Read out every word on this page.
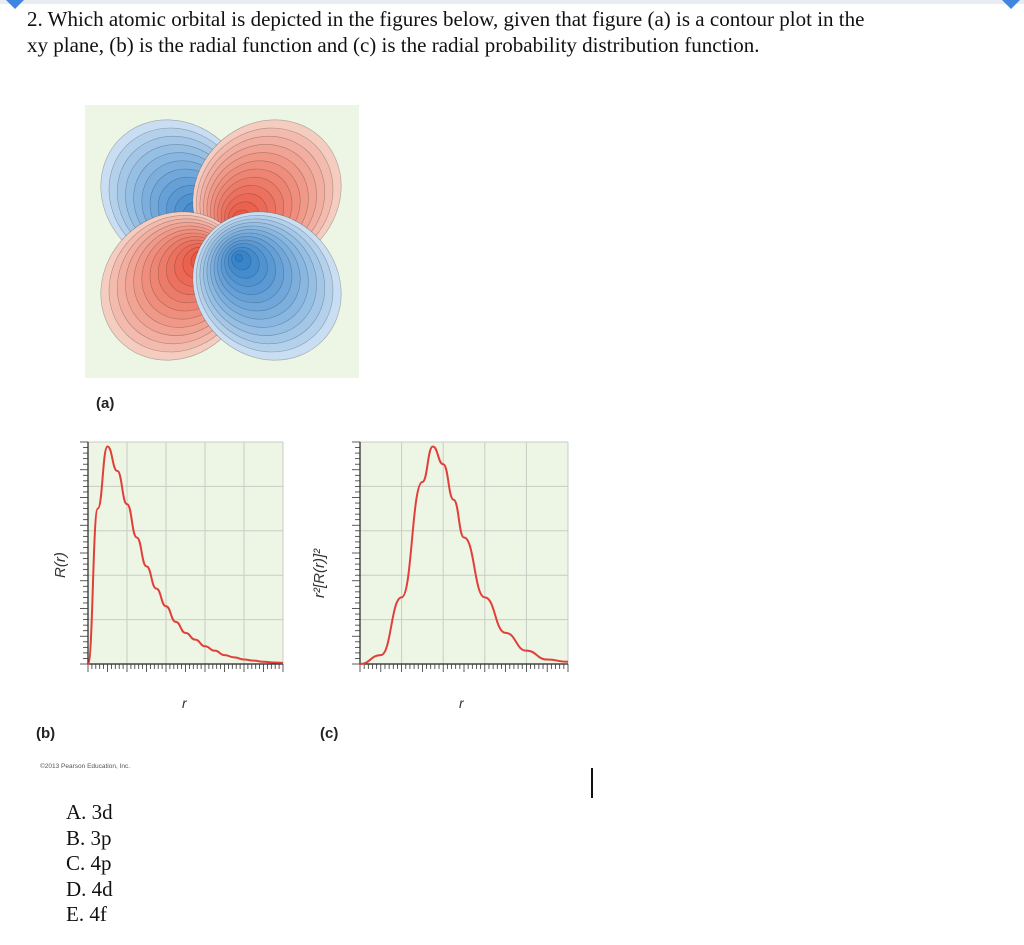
2. Which atomic orbital is depicted in the figures below, given that figure (a) is a contour plot in the
xy plane, (b) is the radial function and (c) is the radial probability distribution function.
(a)
R(r)
r
r²[R(r)]²
r
(b)	(c)
©2013 Pearson Education, Inc.
A. 3d
B. 3p
C. 4p
D. 4d
E. 4f
